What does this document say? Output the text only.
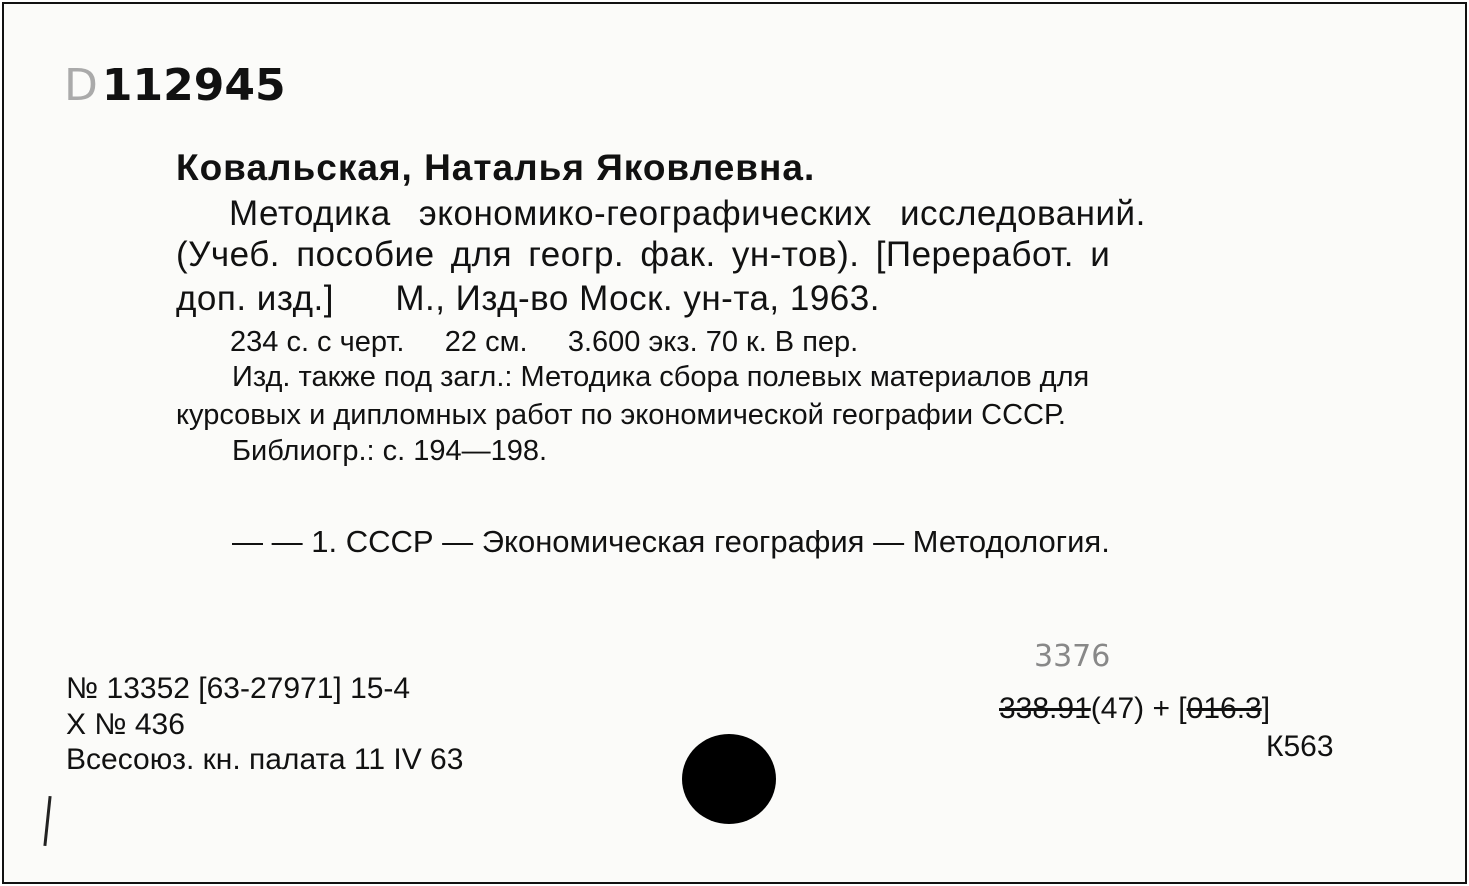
D112945
Ковальская, Наталья Яковлевна.
Методика экономико-географических исследований.
(Учеб. пособие для геогр. фак. ун-тов). [Переработ. и
доп. изд.]      М., Изд-во Моск. ун-та, 1963.
234 с. с черт.     22 см.     3.600 экз. 70 к. В пер.
Изд. также под загл.: Методика сбора полевых материалов для
курсовых и дипломных работ по экономической географии СССР.
Библиогр.: с. 194—198.
— — 1. СССР — Экономическая география — Методология.
№ 13352 [63-27971] 15-4
Х № 436
Всесоюз. кн. палата 11 IV 63
3376
338.91(47) + [016.3]
К563
